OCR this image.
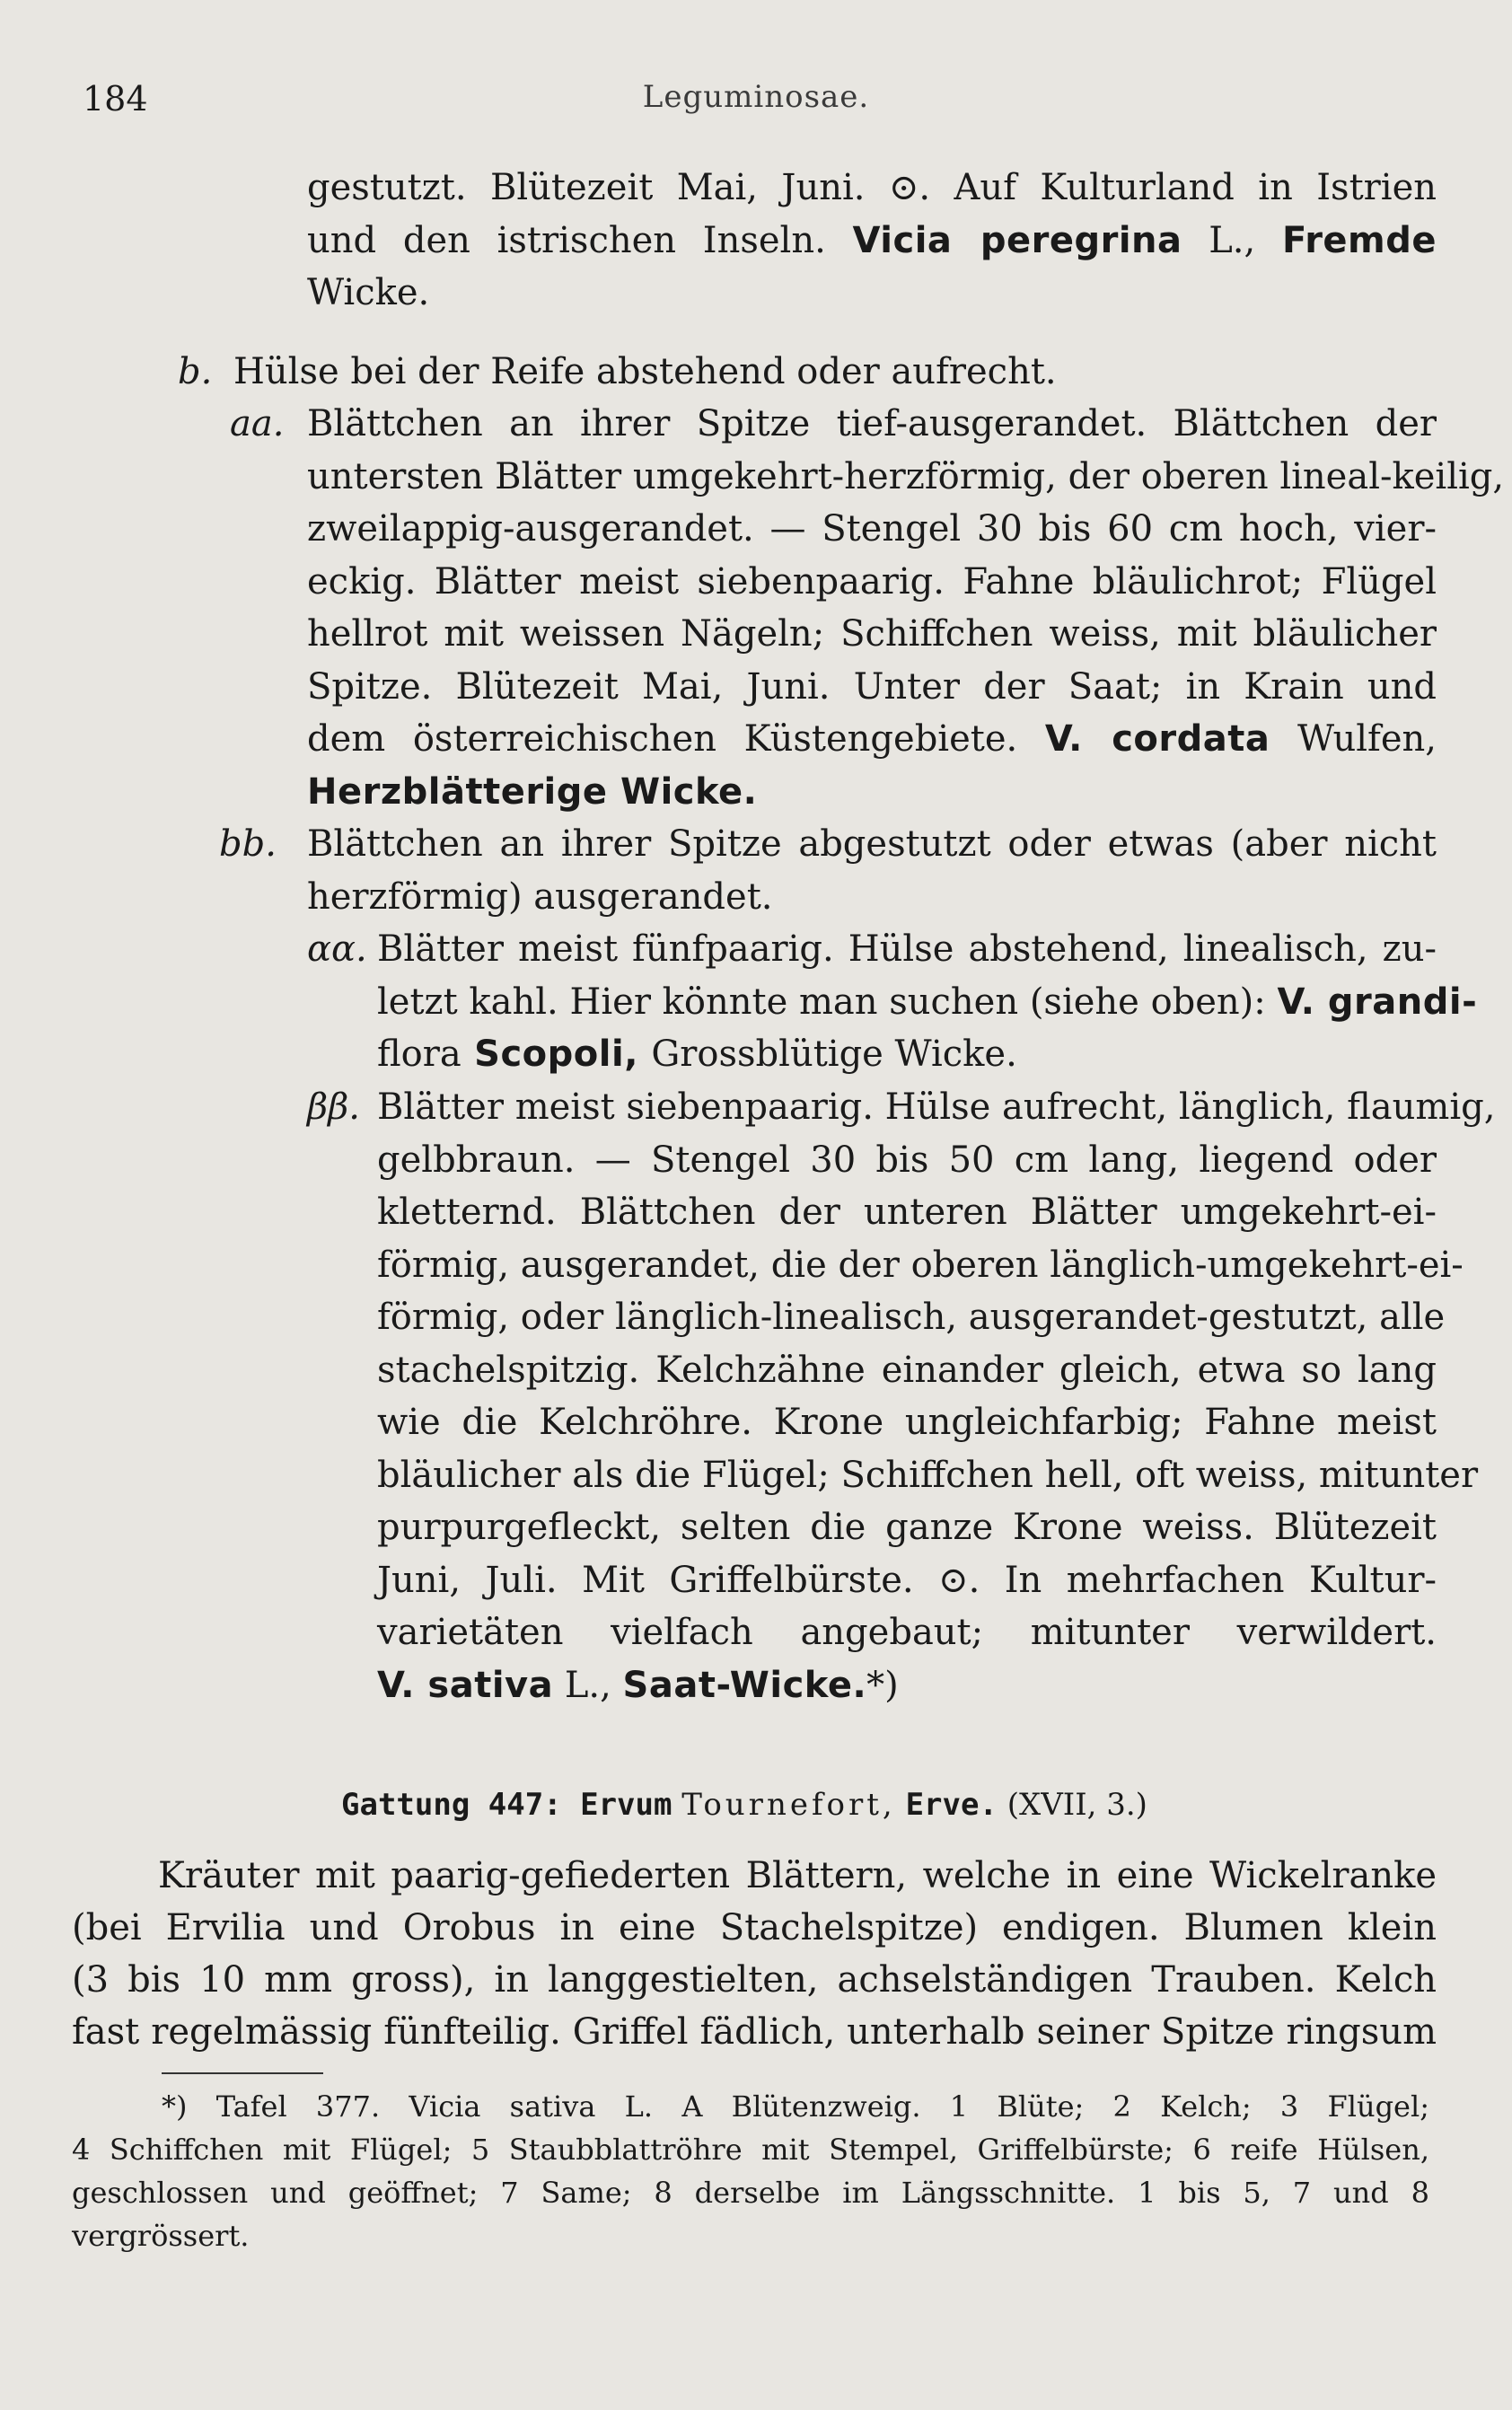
184	Leguminosae.
b.
aa.
bb.
αα.
ββ.
gestutzt. Blütezeit Mai, Juni. ⊙. Auf Kulturland in Istrien
und den istrischen Inseln. Vicia peregrina L., Fremde
Wicke.
Hülse bei der Reife abstehend oder aufrecht.
Blättchen an ihrer Spitze tief-ausgerandet. Blättchen der
untersten Blätter umgekehrt-herzförmig, der oberen lineal-keilig,
zweilappig-ausgerandet. — Stengel 30 bis 60 cm hoch, vier-
eckig. Blätter meist siebenpaarig. Fahne bläulichrot; Flügel
hellrot mit weissen Nägeln; Schiffchen weiss, mit bläulicher
Spitze. Blütezeit Mai, Juni. Unter der Saat; in Krain und
dem österreichischen Küstengebiete. V. cordata Wulfen,
Herzblätterige Wicke.
Blättchen an ihrer Spitze abgestutzt oder etwas (aber nicht
herzförmig) ausgerandet.
Blätter meist fünfpaarig. Hülse abstehend, linealisch, zu-
letzt kahl. Hier könnte man suchen (siehe oben): V. grandi-
flora Scopoli, Grossblütige Wicke.
Blätter meist siebenpaarig. Hülse aufrecht, länglich, flaumig,
gelbbraun. — Stengel 30 bis 50 cm lang, liegend oder
kletternd. Blättchen der unteren Blätter umgekehrt-ei-
förmig, ausgerandet, die der oberen länglich-umgekehrt-ei-
förmig, oder länglich-linealisch, ausgerandet-gestutzt, alle
stachelspitzig. Kelchzähne einander gleich, etwa so lang
wie die Kelchröhre. Krone ungleichfarbig; Fahne meist
bläulicher als die Flügel; Schiffchen hell, oft weiss, mitunter
purpurgefleckt, selten die ganze Krone weiss. Blütezeit
Juni, Juli. Mit Griffelbürste. ⊙. In mehrfachen Kultur-
varietäten vielfach angebaut; mitunter verwildert.
V. sativa L., Saat-Wicke.*)
Gattung 447: Ervum Tournefort, Erve. (XVII, 3.)
Kräuter mit paarig-gefiederten Blättern, welche in eine Wickelranke
(bei Ervilia und Orobus in eine Stachelspitze) endigen. Blumen klein
(3 bis 10 mm gross), in langgestielten, achselständigen Trauben. Kelch
fast regelmässig fünfteilig. Griffel fädlich, unterhalb seiner Spitze ringsum
*) Tafel 377. Vicia sativa L. A Blütenzweig. 1 Blüte; 2 Kelch; 3 Flügel;
4 Schiffchen mit Flügel; 5 Staubblattröhre mit Stempel, Griffelbürste; 6 reife Hülsen,
geschlossen und geöffnet; 7 Same; 8 derselbe im Längsschnitte. 1 bis 5, 7 und 8
vergrössert.
